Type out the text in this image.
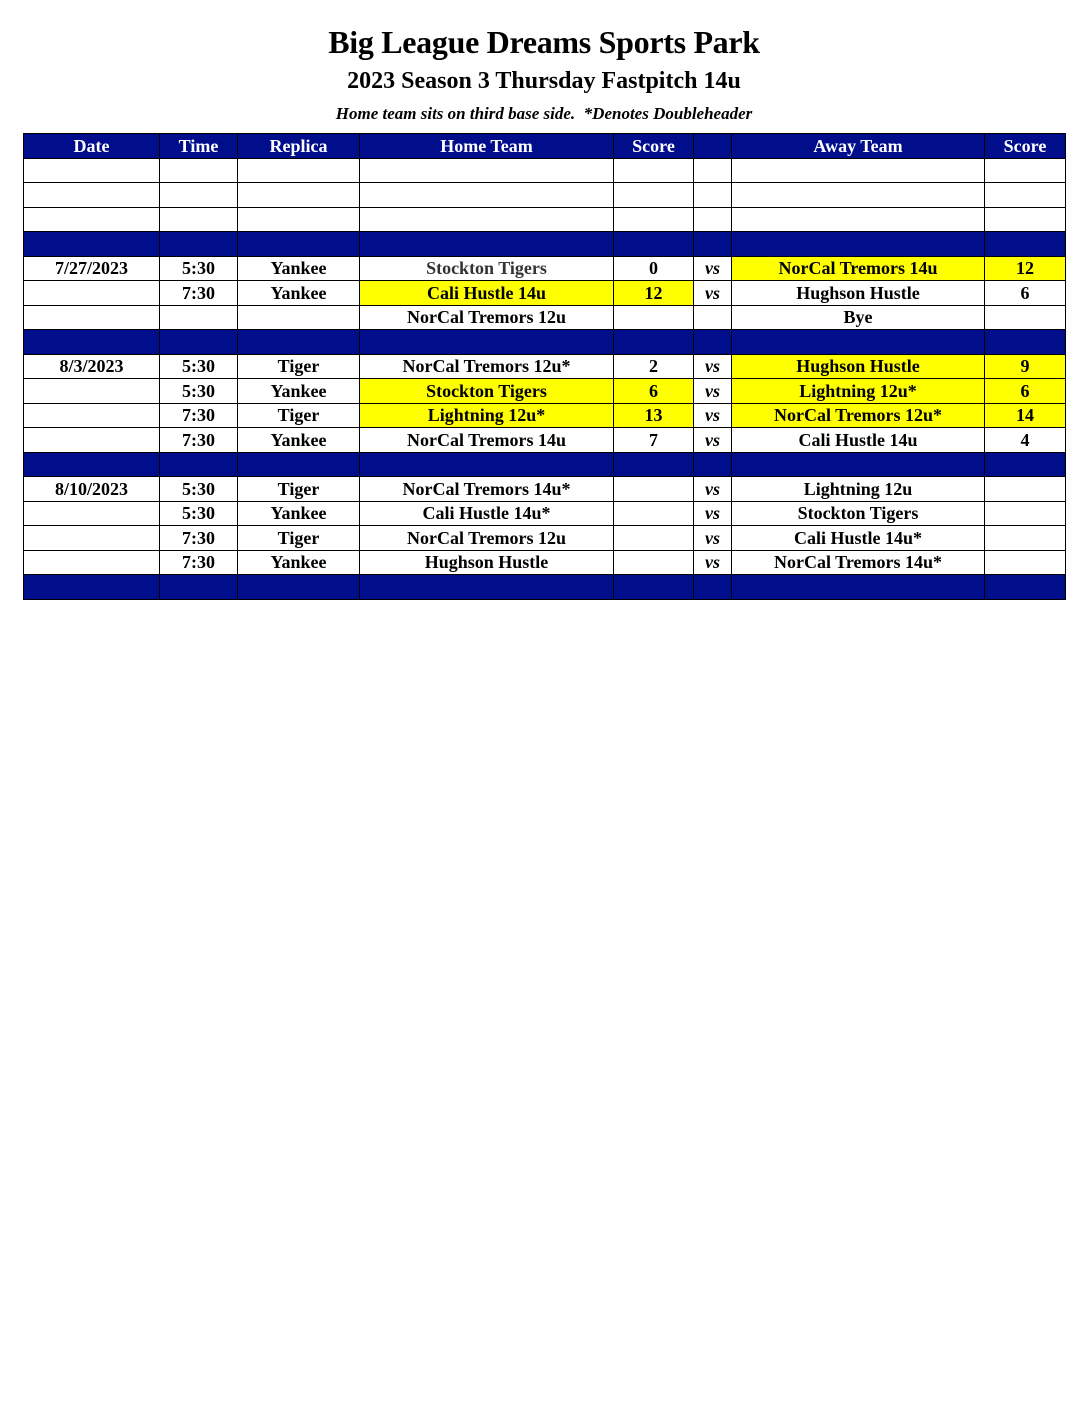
Big League Dreams Sports Park
2023 Season 3 Thursday Fastpitch 14u

Home team sits on third base side.  *Denotes Doubleheader

Date	Time	Replica	Home Team	Score		Away Team	Score

7/27/2023	5:30	Yankee	Stockton Tigers	0	vs	NorCal Tremors 14u	12
	7:30	Yankee	Cali Hustle 14u	12	vs	Hughson Hustle	6
			NorCal Tremors 12u			Bye	

8/3/2023	5:30	Tiger	NorCal Tremors 12u*	2	vs	Hughson Hustle	9
	5:30	Yankee	Stockton Tigers	6	vs	Lightning 12u*	6
	7:30	Tiger	Lightning 12u*	13	vs	NorCal Tremors 12u*	14
	7:30	Yankee	NorCal Tremors 14u	7	vs	Cali Hustle 14u	4

8/10/2023	5:30	Tiger	NorCal Tremors 14u*		vs	Lightning 12u	
	5:30	Yankee	Cali Hustle 14u*		vs	Stockton Tigers	
	7:30	Tiger	NorCal Tremors 12u		vs	Cali Hustle 14u*	
	7:30	Yankee	Hughson Hustle		vs	NorCal Tremors 14u*	
